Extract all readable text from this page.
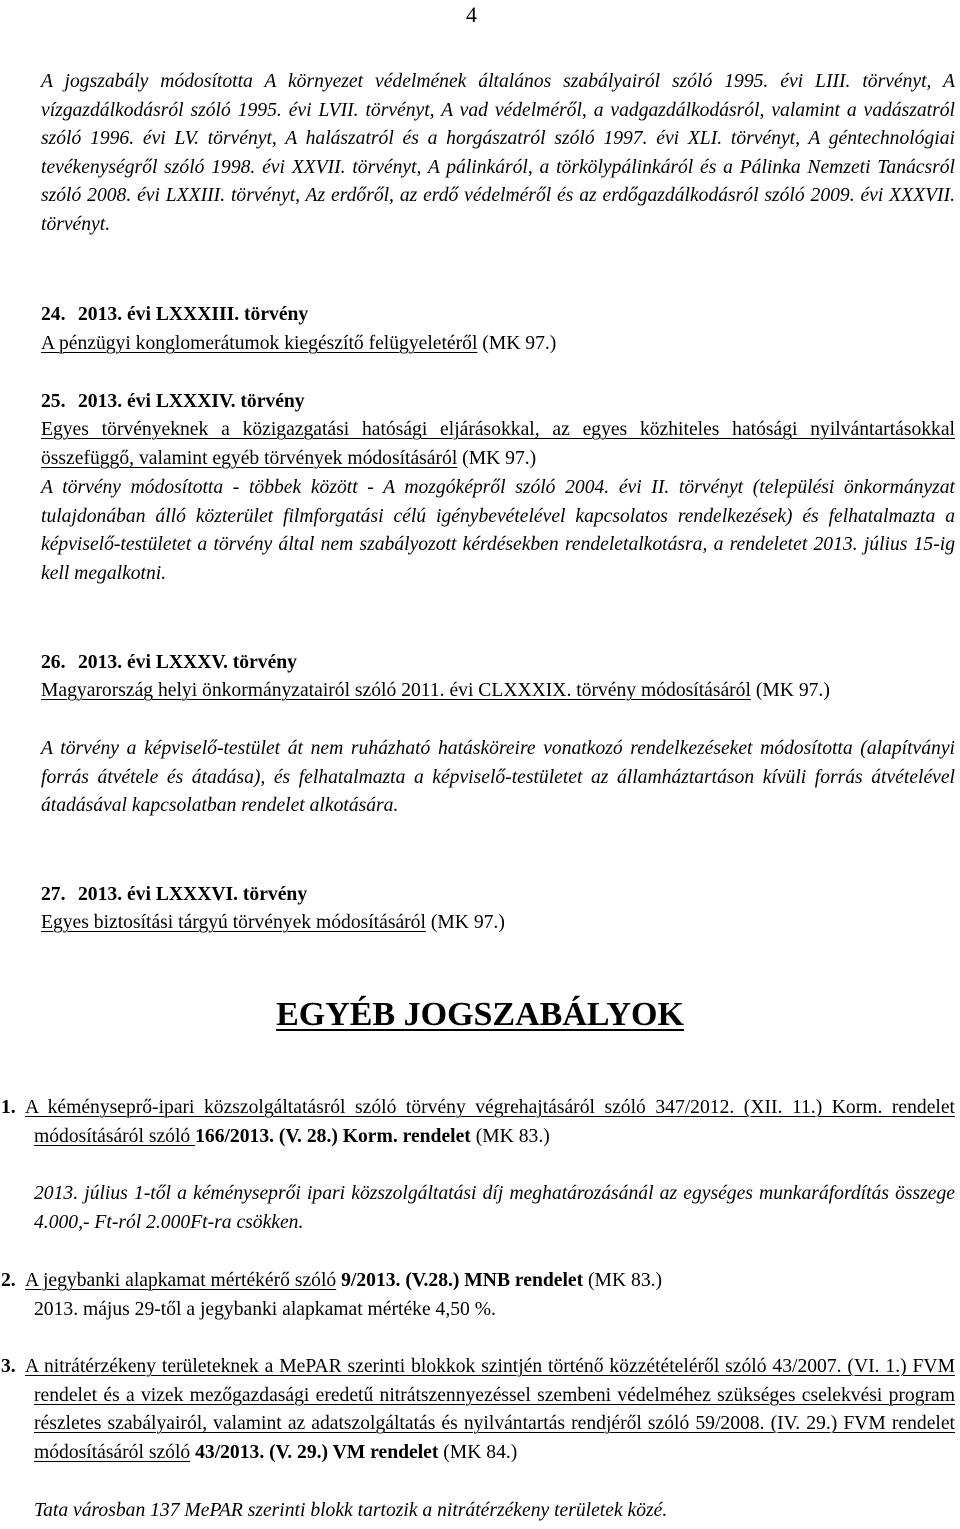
4
A jogszabály módosította A környezet védelmének általános szabályairól szóló 1995. évi LIII. törvényt, A vízgazdálkodásról szóló 1995. évi LVII. törvényt, A vad védelméről, a vadgazdálkodásról, valamint a vadászatról szóló 1996. évi LV. törvényt, A halászatról és a horgászatról szóló 1997. évi XLI. törvényt, A géntechnológiai tevékenységről szóló 1998. évi XXVII. törvényt, A pálinkáról, a törkölypálinkáról és a Pálinka Nemzeti Tanácsról szóló 2008. évi LXXIII. törvényt, Az erdőről, az erdő védelméről és az erdőgazdálkodásról szóló 2009. évi XXXVII. törvényt.
24. 2013. évi LXXXIII. törvény
A pénzügyi konglomerátumok kiegészítő felügyeletéről (MK 97.)
25. 2013. évi LXXXIV. törvény
Egyes törvényeknek a közigazgatási hatósági eljárásokkal, az egyes közhiteles hatósági nyilvántartásokkal összefüggő, valamint egyéb törvények módosításáról (MK 97.)
A törvény módosította - többek között - A mozgóképről szóló 2004. évi II. törvényt (települési önkormányzat tulajdonában álló közterület filmforgatási célú igénybevételével kapcsolatos rendelkezések) és felhatalmazta a képviselő-testületet a törvény által nem szabályozott kérdésekben rendeletalkotásra, a rendeletet 2013. július 15-ig kell megalkotni.
26. 2013. évi LXXXV. törvény
Magyarország helyi önkormányzatairól szóló 2011. évi CLXXXIX. törvény módosításáról (MK 97.)
A törvény a képviselő-testület át nem ruházható hatásköreire vonatkozó rendelkezéseket módosította (alapítványi forrás átvétele és átadása), és felhatalmazta a képviselő-testületet az államháztartáson kívüli forrás átvételével átadásával kapcsolatban rendelet alkotására.
27. 2013. évi LXXXVI. törvény
Egyes biztosítási tárgyú törvények módosításáról (MK 97.)
EGYÉB JOGSZABÁLYOK
1. A kéményseprő-ipari közszolgáltatásról szóló törvény végrehajtásáról szóló 347/2012. (XII. 11.) Korm. rendelet módosításáról szóló 166/2013. (V. 28.) Korm. rendelet (MK 83.)
2013. július 1-től a kéményseprői ipari közszolgáltatási díj meghatározásánál az egységes munkaráfordítás összege 4.000,- Ft-ról 2.000Ft-ra csökken.
2. A jegybanki alapkamat mértékérő szóló 9/2013. (V.28.) MNB rendelet (MK 83.)
2013. május 29-től a jegybanki alapkamat mértéke 4,50 %.
3. A nitrátérzékeny területeknek a MePAR szerinti blokkok szintjén történő közzétételéről szóló 43/2007. (VI. 1.) FVM rendelet és a vizek mezőgazdasági eredetű nitrátszennyezéssel szembeni védelméhez szükséges cselekvési program részletes szabályairól, valamint az adatszolgáltatás és nyilvántartás rendjéről szóló 59/2008. (IV. 29.) FVM rendelet módosításáról szóló 43/2013. (V. 29.) VM rendelet (MK 84.)
Tata városban 137 MePAR szerinti blokk tartozik a nitrátérzékeny területek közé.
